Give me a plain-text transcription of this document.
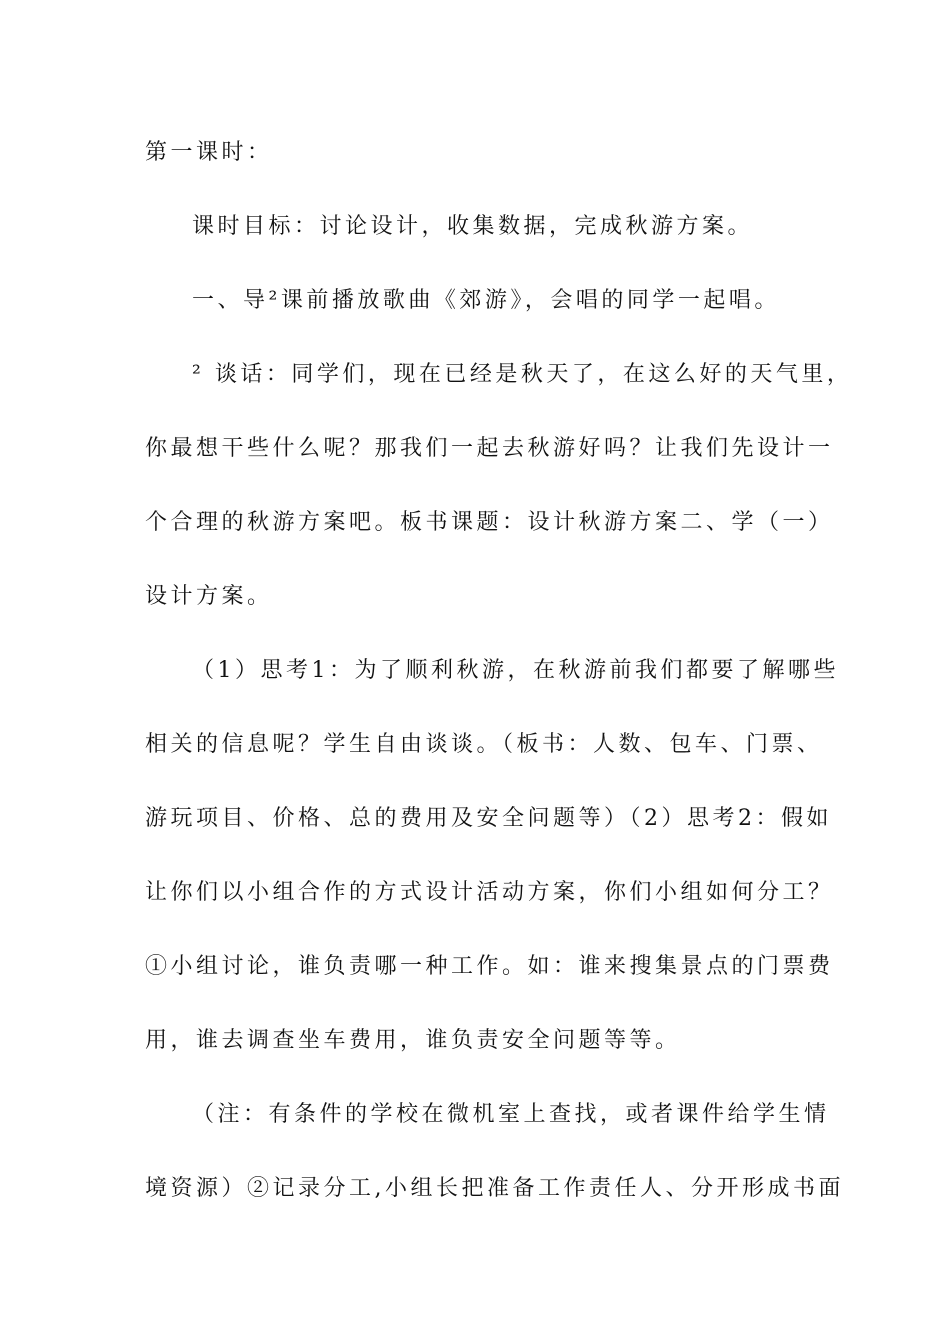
第一课时：
课时目标：讨论设计，收集数据，完成秋游方案。
一、导²课前播放歌曲《郊游》，会唱的同学一起唱。
² 谈话：同学们，现在已经是秋天了，在这么好的天气里，
你最想干些什么呢？那我们一起去秋游好吗？让我们先设计一
个合理的秋游方案吧。板书课题：设计秋游方案二、学（一）
设计方案。
（1）思考1：为了顺利秋游，在秋游前我们都要了解哪些
相关的信息呢？学生自由谈谈。（板书：人数、包车、门票、
游玩项目、价格、总的费用及安全问题等）（2）思考2：假如
让你们以小组合作的方式设计活动方案，你们小组如何分工？
①小组讨论，谁负责哪一种工作。如：谁来搜集景点的门票费
用，谁去调查坐车费用，谁负责安全问题等等。
（注：有条件的学校在微机室上查找，或者课件给学生情
境资源）②记录分工,小组长把准备工作责任人、分开形成书面
